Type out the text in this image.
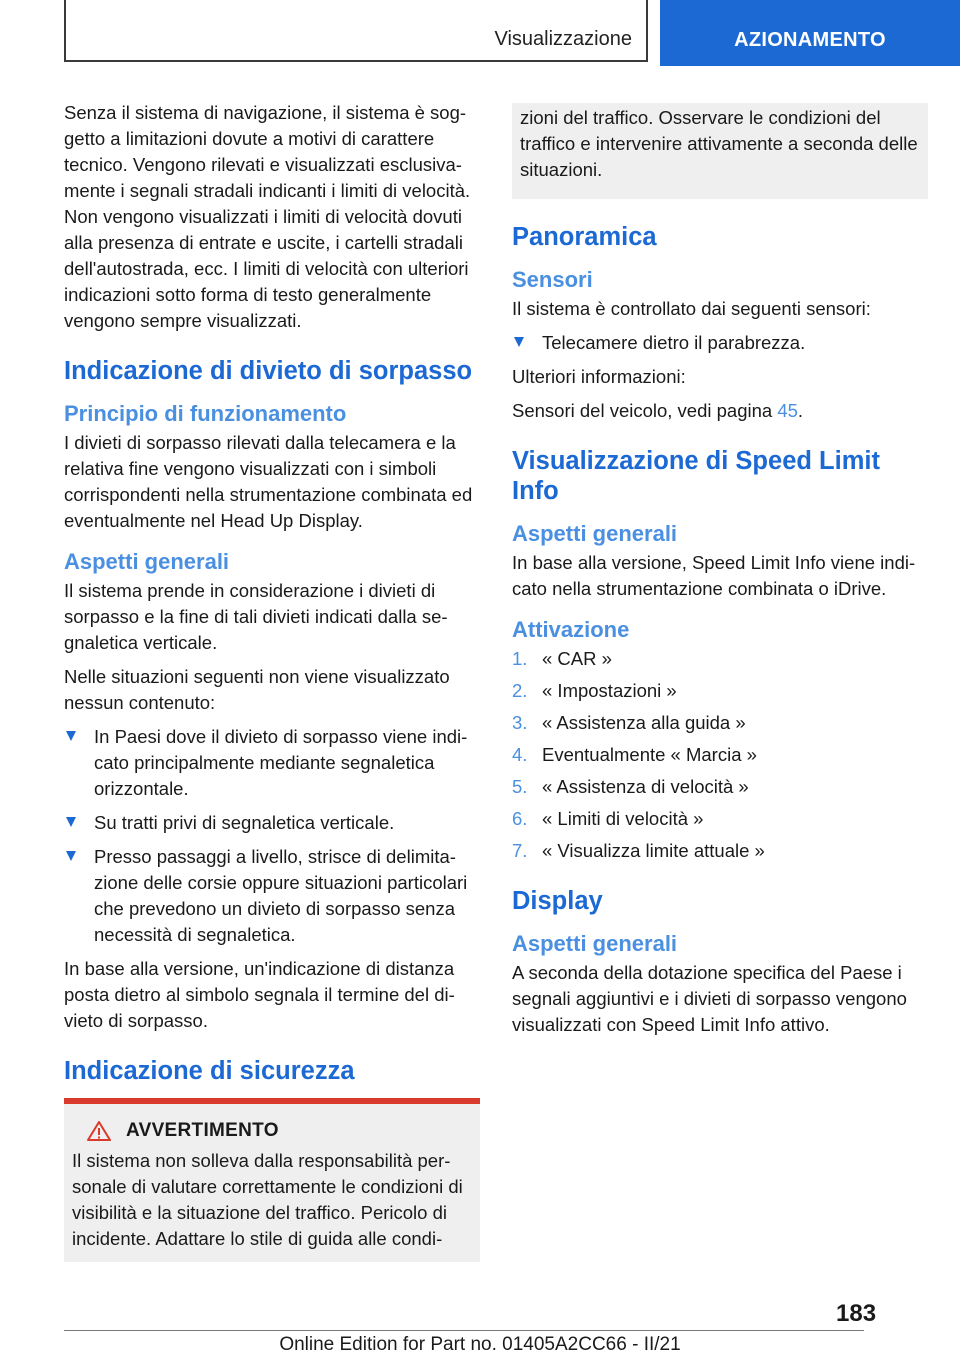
Visualizzazione	AZIONAMENTO

Senza il sistema di navigazione, il sistema è sog- getto a limitazioni dovute a motivi di carattere tecnico. Vengono rilevati e visualizzati esclusiva- mente i segnali stradali indicanti i limiti di velocità. Non vengono visualizzati i limiti di velocità dovuti alla presenza di entrate e uscite, i cartelli stradali dell'autostrada, ecc. I limiti di velocità con ulteriori indicazioni sotto forma di testo generalmente vengono sempre visualizzati.

Indicazione di divieto di sorpasso
Principio di funzionamento

I divieti di sorpasso rilevati dalla telecamera e la relativa fine vengono visualizzati con i simboli corrispondenti nella strumentazione combinata ed eventualmente nel Head Up Display.

Aspetti generali

Il sistema prende in considerazione i divieti di sorpasso e la fine di tali divieti indicati dalla se- gnaletica verticale.

Nelle situazioni seguenti non viene visualizzato nessun contenuto:

In Paesi dove il divieto di sorpasso viene indi- cato principalmente mediante segnaletica orizzontale.
Su tratti privi di segnaletica verticale.
Presso passaggi a livello, strisce di delimita- zione delle corsie oppure situazioni particolari che prevedono un divieto di sorpasso senza necessità di segnaletica.

In base alla versione, un'indicazione di distanza posta dietro al simbolo segnala il termine del di- vieto di sorpasso.

Indicazione di sicurezza
AVVERTIMENTO

Il sistema non solleva dalla responsabilità per- sonale di valutare correttamente le condizioni di visibilità e la situazione del traffico. Pericolo di incidente. Adattare lo stile di guida alle condi-

zioni del traffico. Osservare le condizioni del traffico e intervenire attivamente a seconda delle situazioni.

Panoramica
Sensori

Il sistema è controllato dai seguenti sensori:

Telecamere dietro il parabrezza.

Ulteriori informazioni:

Sensori del veicolo, vedi pagina 45.

Visualizzazione di Speed Limit Info
Aspetti generali

In base alla versione, Speed Limit Info viene indi- cato nella strumentazione combinata o iDrive.

Attivazione
1. « CAR »
2. « Impostazioni »
3. « Assistenza alla guida »
4. Eventualmente « Marcia »
5. « Assistenza di velocità »
6. « Limiti di velocità »
7. « Visualizza limite attuale »
Display
Aspetti generali

A seconda della dotazione specifica del Paese i segnali aggiuntivi e i divieti di sorpasso vengono visualizzati con Speed Limit Info attivo.

183
Online Edition for Part no. 01405A2CC66 - II/21
